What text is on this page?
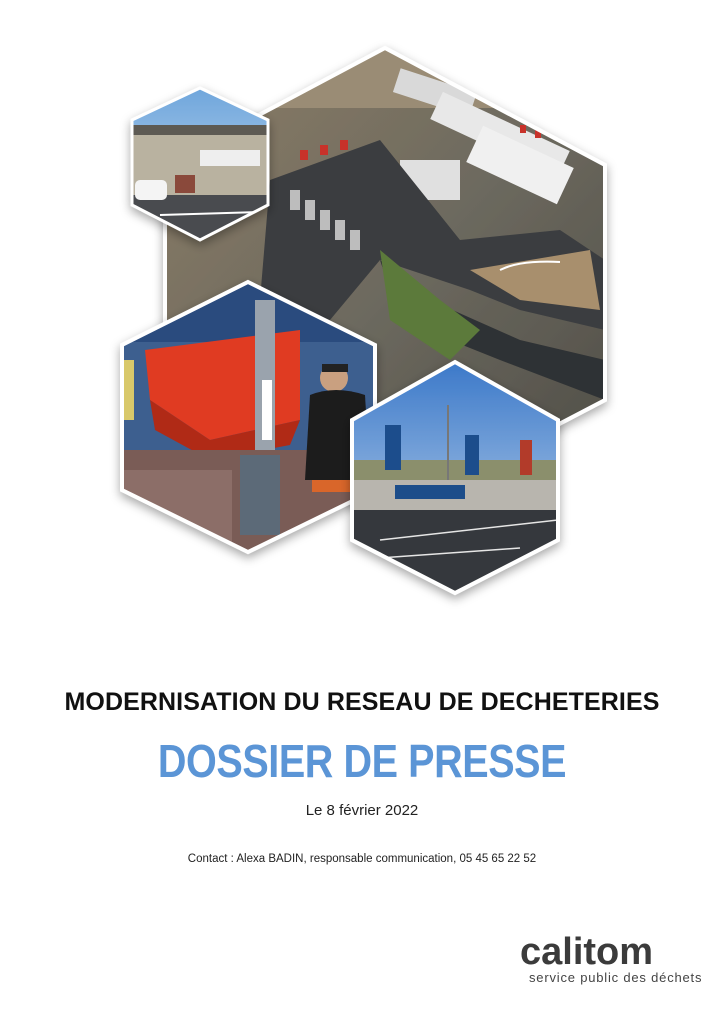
MODERNISATION DU RESEAU DE DECHETERIES
DOSSIER DE PRESSE
Le 8 février 2022
Contact : Alexa BADIN, responsable communication, 05 45 65 22 52
calitom
service public des déchets
